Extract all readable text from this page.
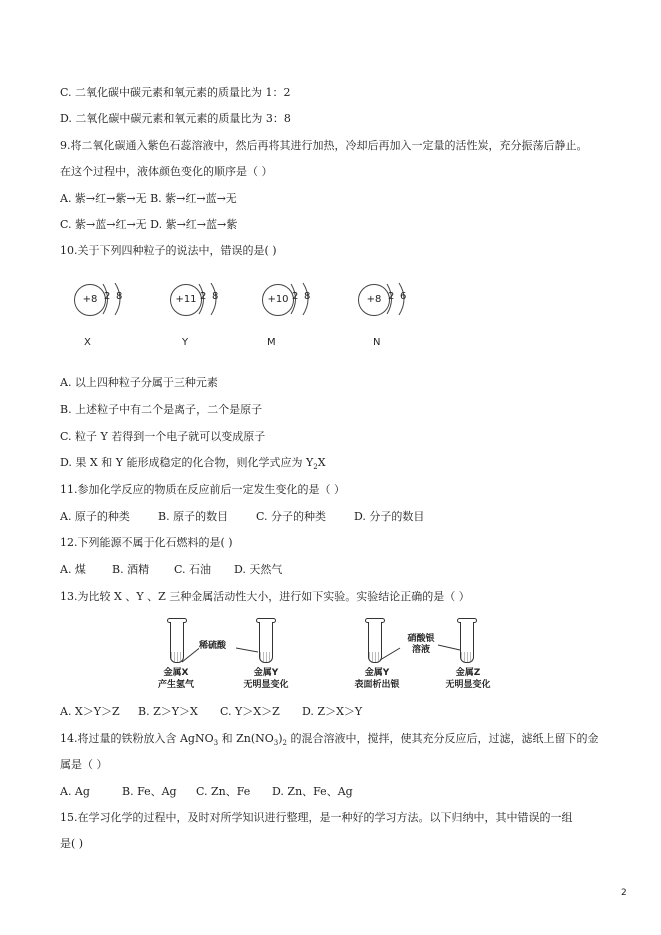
C. 二氧化碳中碳元素和氧元素的质量比为 1：2
D. 二氧化碳中碳元素和氧元素的质量比为 3：8
9.将二氧化碳通入紫色石蕊溶液中，然后再将其进行加热，冷却后再加入一定量的活性炭，充分振荡后静止。
在这个过程中，液体颜色变化的顺序是（ ）
A. 紫→红→紫→无 B. 紫→红→蓝→无
C. 紫→蓝→红→无 D. 紫→红→蓝→紫
10.关于下列四种粒子的说法中，错误的是( )
+8 2 8	+11 2 8	+10 2 8	+8 2 6
X	Y	M	N
A. 以上四种粒子分属于三种元素
B. 上述粒子中有二个是离子，二个是原子
C. 粒子 Y 若得到一个电子就可以变成原子
D. 果 X 和 Y 能形成稳定的化合物，则化学式应为 $Y_2X$
11.参加化学反应的物质在反应前后一定发生变化的是（ ）
A. 原子的种类	B. 原子的数目	C. 分子的种类	D. 分子的数目
12.下列能源不属于化石燃料的是( )
A. 煤 B. 酒精 C. 石油 D. 天然气
13.为比较 X 、Y 、Z 三种金属活动性大小，进行如下实验。实验结论正确的是（ ）
稀硫酸
金属X
产生氢气
金属Y
无明显变化
硝酸银
溶液
金属Y
表面析出银
金属Z
无明显变化
A. X＞Y＞Z B. Z＞Y＞X C. Y＞X＞Z D. Z＞X＞Y
14.将过量的铁粉放入含 AgNO$_3$ 和 $Zn(NO_3)_2$ 的混合溶液中，搅拌，使其充分反应后，过滤，滤纸上留下的金
属是（ ）
A. Ag	B. Fe、Ag C. Zn、Fe D. Zn、Fe、Ag
15.在学习化学的过程中，及时对所学知识进行整理，是一种好的学习方法。以下归纳中，其中错误的一组
是( )
2
